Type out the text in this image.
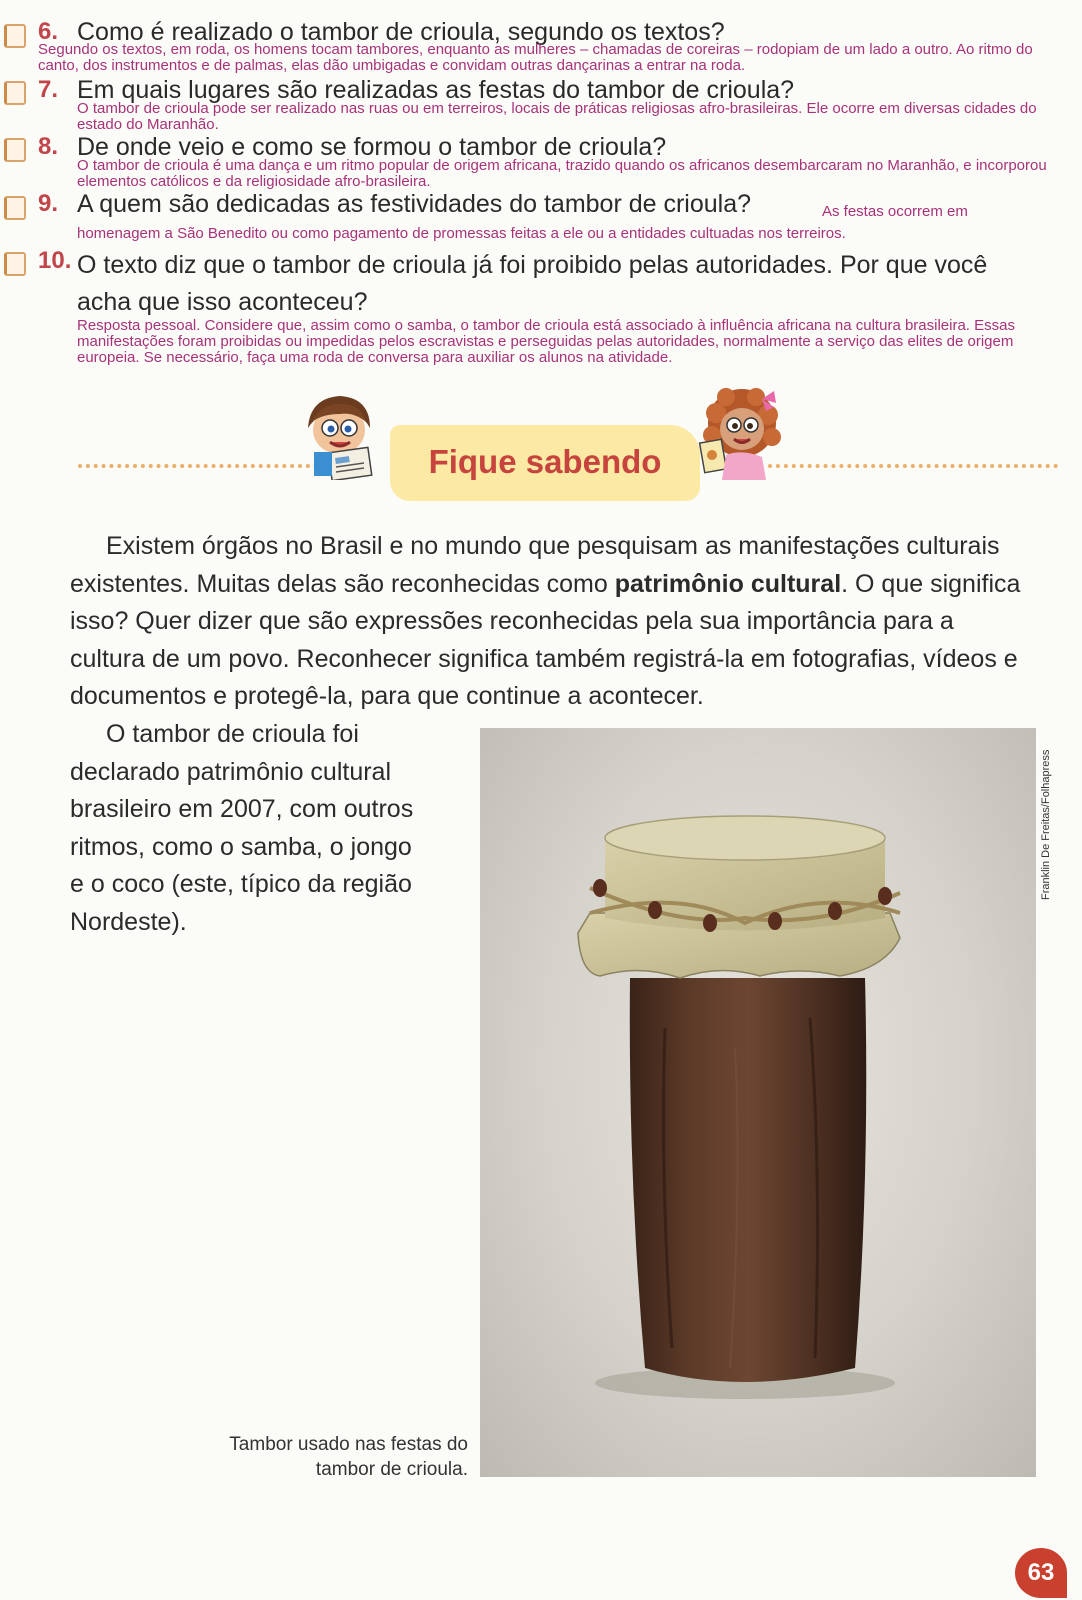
6. Como é realizado o tambor de crioula, segundo os textos?
Segundo os textos, em roda, os homens tocam tambores, enquanto as mulheres – chamadas de coreiras – rodopiam de um lado a outro. Ao ritmo do canto, dos instrumentos e de palmas, elas dão umbigadas e convidam outras dançarinas a entrar na roda.
7. Em quais lugares são realizadas as festas do tambor de crioula?
O tambor de crioula pode ser realizado nas ruas ou em terreiros, locais de práticas religiosas afro-brasileiras. Ele ocorre em diversas cidades do estado do Maranhão.
8. De onde veio e como se formou o tambor de crioula?
O tambor de crioula é uma dança e um ritmo popular de origem africana, trazido quando os africanos desembarcaram no Maranhão, e incorporou elementos católicos e da religiosidade afro-brasileira.
9. A quem são dedicadas as festividades do tambor de crioula?	As festas ocorrem em
homenagem a São Benedito ou como pagamento de promessas feitas a ele ou a entidades cultuadas nos terreiros.
10. O texto diz que o tambor de crioula já foi proibido pelas autoridades. Por que você acha que isso aconteceu?
Resposta pessoal. Considere que, assim como o samba, o tambor de crioula está associado à influência africana na cultura brasileira. Essas manifestações foram proibidas ou impedidas pelos escravistas e perseguidas pelas autoridades, normalmente a serviço das elites de origem europeia. Se necessário, faça uma roda de conversa para auxiliar os alunos na atividade.
Fique sabendo
Existem órgãos no Brasil e no mundo que pesquisam as manifestações culturais existentes. Muitas delas são reconhecidas como patrimônio cultural. O que significa isso? Quer dizer que são expressões reconhecidas pela sua importância para a cultura de um povo. Reconhecer significa também registrá-la em fotografias, vídeos e documentos e protegê-la, para que continue a acontecer.
O tambor de crioula foi declarado patrimônio cultural brasileiro em 2007, com outros ritmos, como o samba, o jongo e o coco (este, típico da região Nordeste).
Franklin De Freitas/Folhapress
Tambor usado nas festas do tambor de crioula.
63
